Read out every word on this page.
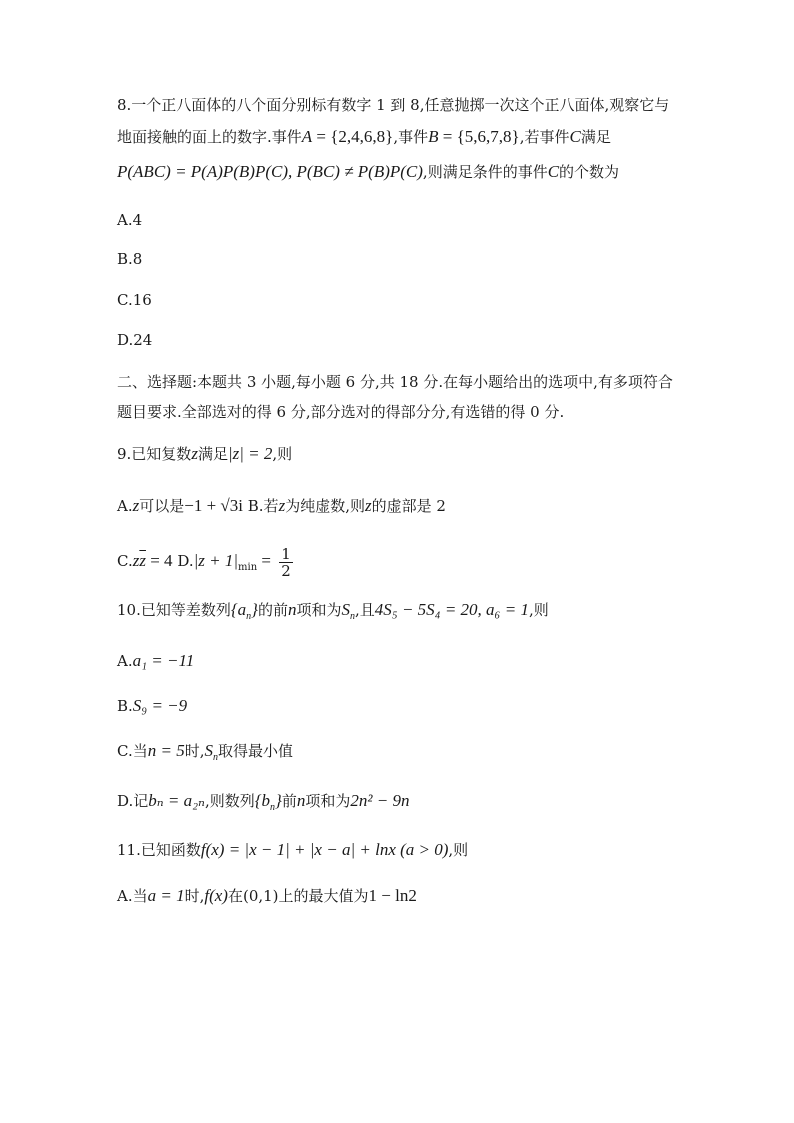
8.一个正八面体的八个面分别标有数字 1 到 8,任意抛掷一次这个正八面体,观察它与
地面接触的面上的数字.事件A = {2,4,6,8},事件B = {5,6,7,8},若事件C满足
P(ABC) = P(A)P(B)P(C), P(BC) ≠ P(B)P(C),则满足条件的事件C的个数为
A.4
B.8
C.16
D.24
二、选择题:本题共 3 小题,每小题 6 分,共 18 分.在每小题给出的选项中,有多项符合
题目要求.全部选对的得 6 分,部分选对的得部分分,有选错的得 0 分.
9.已知复数z满足|z| = 2,则
A.z可以是−1 + √3i B.若z为纯虚数,则z的虚部是 2
$C.z\overline{z} = 4$ $D.|z + 1|_{min} = \frac{1}{2}$
10.已知等差数列$\{a_n\}$的前n项和为$S_n$,且4S₅ − 5S₄ = 20, a₆ = 1,则
A.a₁ = −11
B.S₉ = −9
C.当n = 5时$,S_n$取得最小值
D.记bₙ = a₂ₙ,则数列$\{b_n\}$前n项和为2n² − 9n
11.已知函数f(x) = |x − 1| + |x − a| + lnx (a > 0),则
A.当a = 1时,f(x)在(0,1)上的最大值为1 − ln2
